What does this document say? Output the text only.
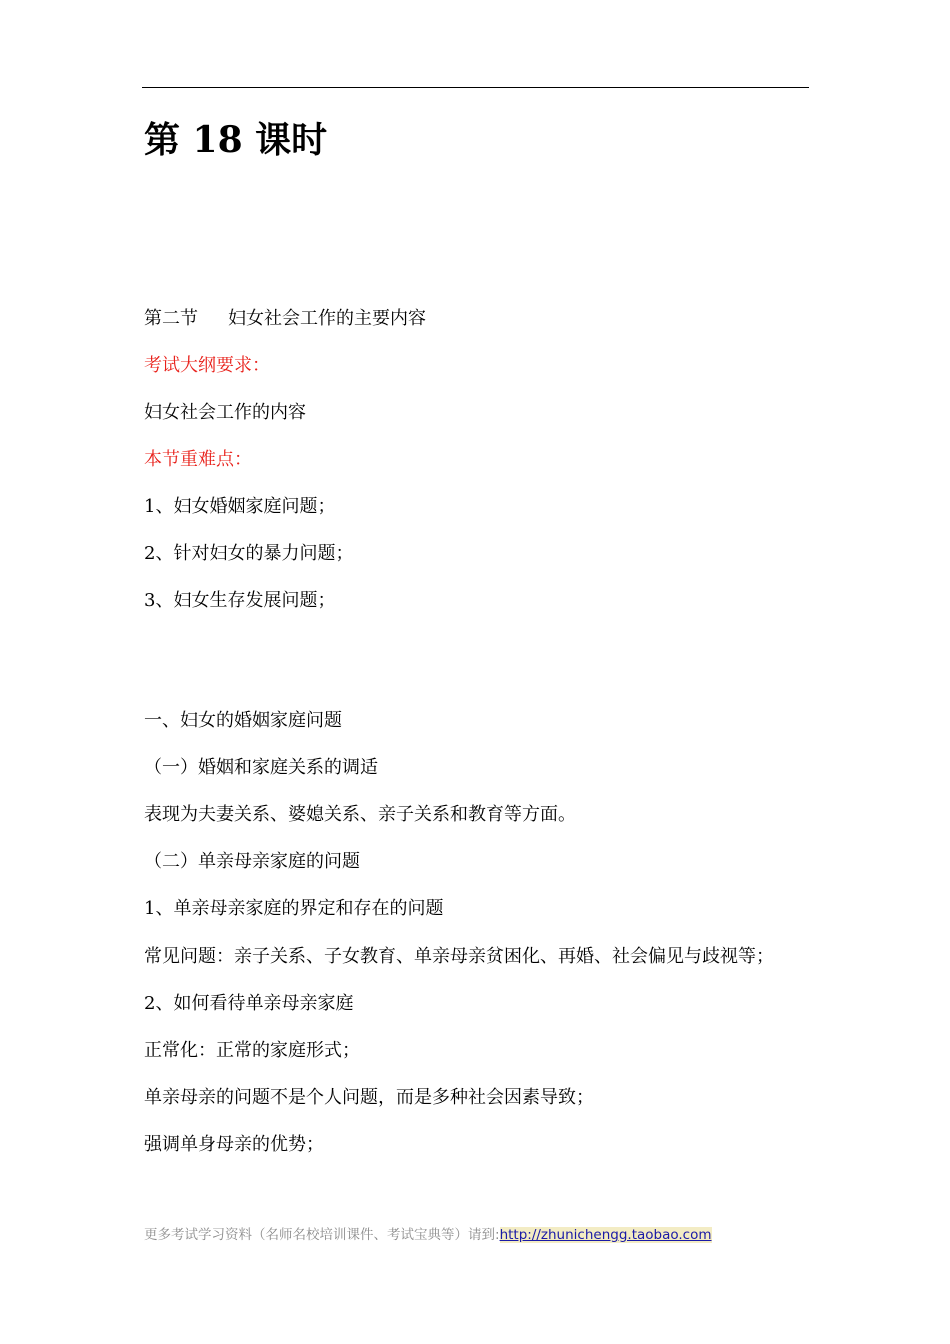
第 18 课时

第二节 妇女社会工作的主要内容

考试大纲要求：

妇女社会工作的内容

本节重难点：

1、妇女婚姻家庭问题；

2、针对妇女的暴力问题；

3、妇女生存发展问题；

一、妇女的婚姻家庭问题

（一）婚姻和家庭关系的调适

表现为夫妻关系、婆媳关系、亲子关系和教育等方面。

（二）单亲母亲家庭的问题

1、单亲母亲家庭的界定和存在的问题

常见问题：亲子关系、子女教育、单亲母亲贫困化、再婚、社会偏见与歧视等；

2、如何看待单亲母亲家庭

正常化：正常的家庭形式；

单亲母亲的问题不是个人问题，而是多种社会因素导致；

强调单身母亲的优势；

更多考试学习资料（名师名校培训课件、考试宝典等）请到:http://zhunichengg.taobao.com
